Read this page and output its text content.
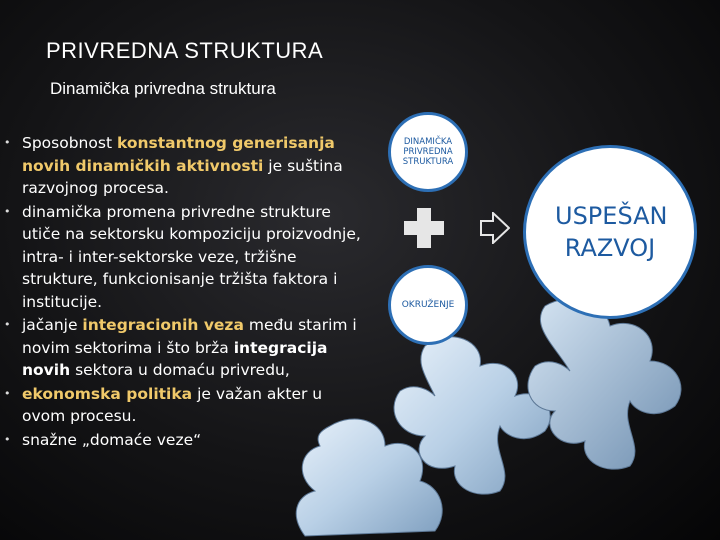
PRIVREDNA STRUKTURA
Dinamička privredna struktura
• Sposobnost konstantnog generisanja novih dinamičkih aktivnosti je suština razvojnog procesa.
• dinamička promena privredne strukture utiče na sektorsku kompoziciju proizvodnje, intra- i inter-sektorske veze, tržišne strukture, funkcionisanje tržišta faktora i institucije.
• jačanje integracionih veza među starim i novim sektorima i što brža integracija novih sektora u domaću privredu,
• ekonomska politika je važan akter u ovom procesu.
• snažne „domaće veze“
DINAMIČKA PRIVREDNA STRUKTURA
OKRUŽENJE
USPEŠAN RAZVOJ
